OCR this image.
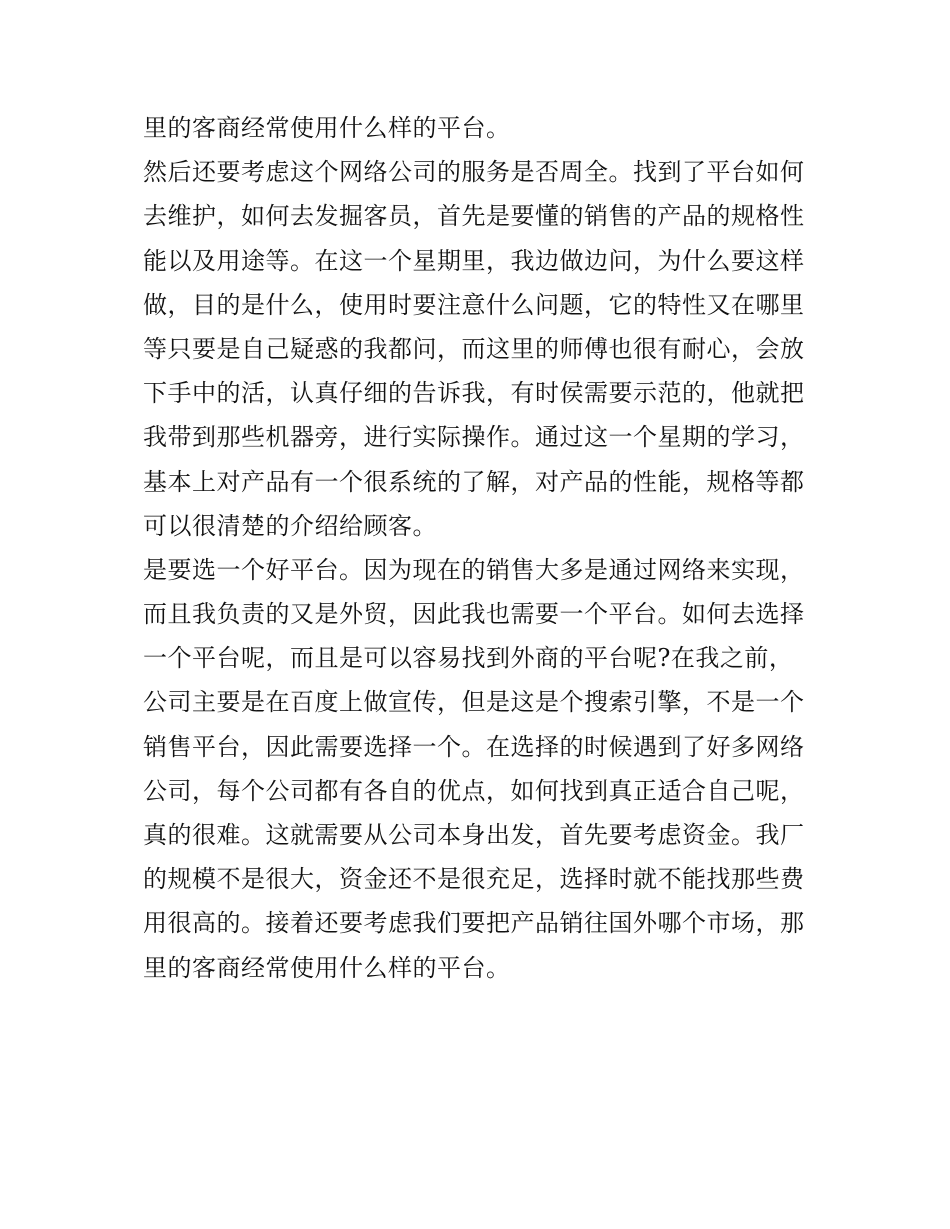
里的客商经常使用什么样的平台。
然后还要考虑这个网络公司的服务是否周全。找到了平台如何
去维护，如何去发掘客员，首先是要懂的销售的产品的规格性
能以及用途等。在这一个星期里，我边做边问，为什么要这样
做，目的是什么，使用时要注意什么问题，它的特性又在哪里
等只要是自己疑惑的我都问，而这里的师傅也很有耐心，会放
下手中的活，认真仔细的告诉我，有时侯需要示范的，他就把
我带到那些机器旁，进行实际操作。通过这一个星期的学习，
基本上对产品有一个很系统的了解，对产品的性能，规格等都
可以很清楚的介绍给顾客。
是要选一个好平台。因为现在的销售大多是通过网络来实现，
而且我负责的又是外贸，因此我也需要一个平台。如何去选择
一个平台呢，而且是可以容易找到外商的平台呢?在我之前，
公司主要是在百度上做宣传，但是这是个搜索引擎，不是一个
销售平台，因此需要选择一个。在选择的时候遇到了好多网络
公司，每个公司都有各自的优点，如何找到真正适合自己呢，
真的很难。这就需要从公司本身出发，首先要考虑资金。我厂
的规模不是很大，资金还不是很充足，选择时就不能找那些费
用很高的。接着还要考虑我们要把产品销往国外哪个市场，那
里的客商经常使用什么样的平台。
